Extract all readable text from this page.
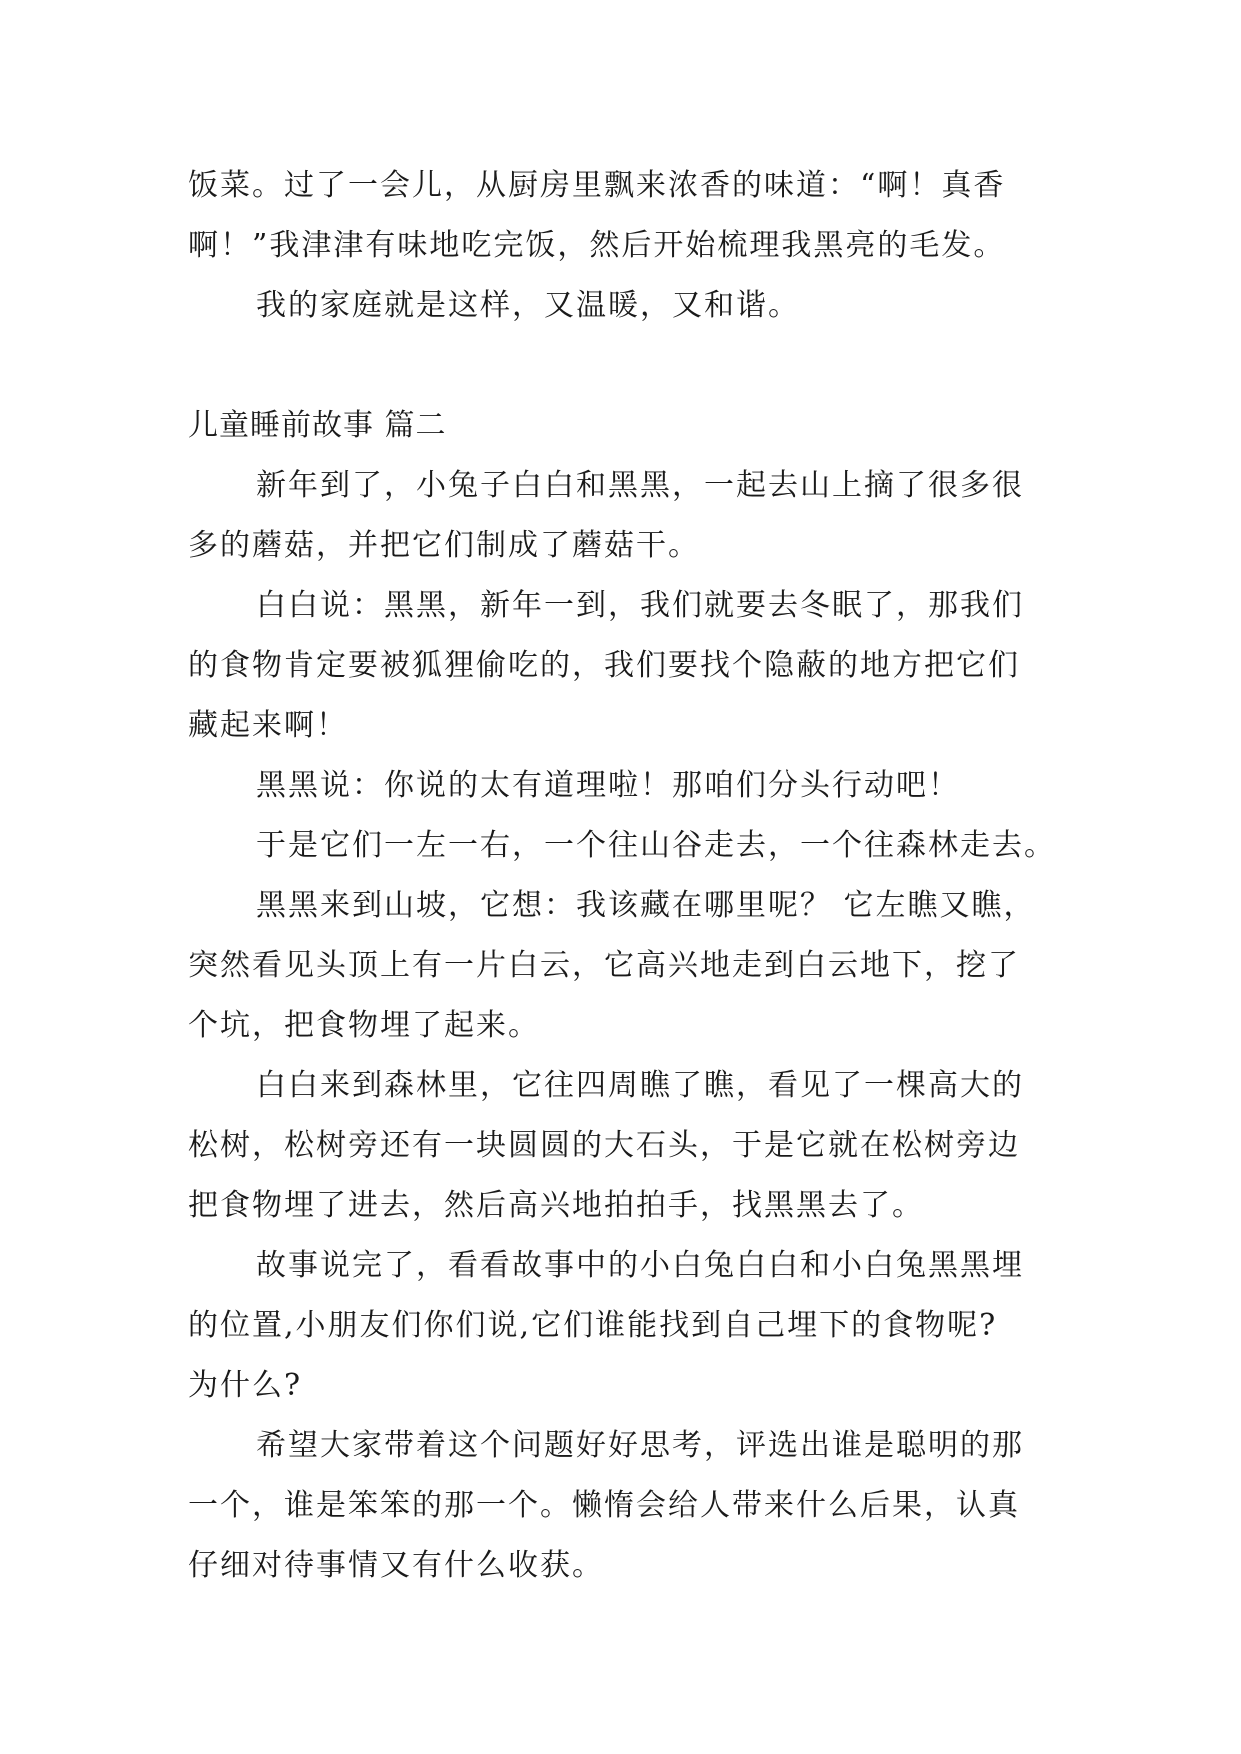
饭菜。过了一会儿，从厨房里飘来浓香的味道：“啊！真香
啊！”我津津有味地吃完饭，然后开始梳理我黑亮的毛发。
我的家庭就是这样，又温暖，又和谐。
儿童睡前故事 篇二
新年到了，小兔子白白和黑黑，一起去山上摘了很多很
多的蘑菇，并把它们制成了蘑菇干。
白白说：黑黑，新年一到，我们就要去冬眠了，那我们
的食物肯定要被狐狸偷吃的，我们要找个隐蔽的地方把它们
藏起来啊！
黑黑说：你说的太有道理啦！那咱们分头行动吧！
于是它们一左一右，一个往山谷走去，一个往森林走去。
黑黑来到山坡，它想：我该藏在哪里呢？ 它左瞧又瞧，
突然看见头顶上有一片白云，它高兴地走到白云地下，挖了
个坑，把食物埋了起来。
白白来到森林里，它往四周瞧了瞧，看见了一棵高大的
松树，松树旁还有一块圆圆的大石头，于是它就在松树旁边
把食物埋了进去，然后高兴地拍拍手，找黑黑去了。
故事说完了，看看故事中的小白兔白白和小白兔黑黑埋
的位置,小朋友们你们说,它们谁能找到自己埋下的食物呢?
为什么?
希望大家带着这个问题好好思考，评选出谁是聪明的那
一个，谁是笨笨的那一个。懒惰会给人带来什么后果，认真
仔细对待事情又有什么收获。
